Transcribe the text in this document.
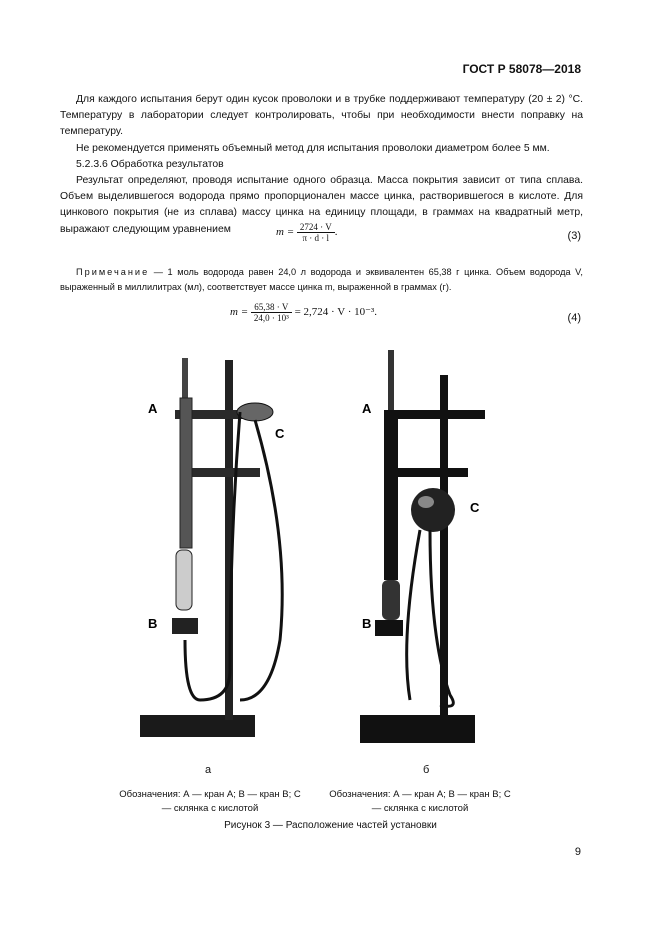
ГОСТ Р 58078—2018

Для каждого испытания берут один кусок проволоки и в трубке поддерживают температуру (20 ± 2) °С. Температуру в лаборатории следует контролировать, чтобы при необходимости внести поправку на температуру.

Не рекомендуется применять объемный метод для испытания проволоки диаметром более 5 мм.

5.2.3.6 Обработка результатов

Результат определяют, проводя испытание одного образца. Масса покрытия зависит от типа сплава. Объем выделившегося водорода прямо пропорционален массе цинка, растворившегося в кислоте. Для цинкового покрытия (не из сплава) массу цинка на единицу площади, в граммах на квадратный метр, выражают следующим уравнением	$m = \frac{2724 \cdot V}{\pi \cdot d \cdot l}$ .	(3)
Примечание — 1 моль водорода равен 24,0 л водорода и эквивалентен 65,38 г цинка. Объем водорода V, выраженный в миллилитрах (мл), соответствует массе цинка m, выраженной в граммах (г).
$m = \frac{65,38 \cdot V}{\text{24,0 · 10³}} = 2,724 \cdot V \cdot 10^{-3}$.	(4)
A
B
C
A
B
C
а	б
Обозначения: А — кран А; В — кран В; С — склянка с кислотой
Обозначения: А — кран А; В — кран В; С — склянка с кислотой
Рисунок 3 — Расположение частей установки
9
